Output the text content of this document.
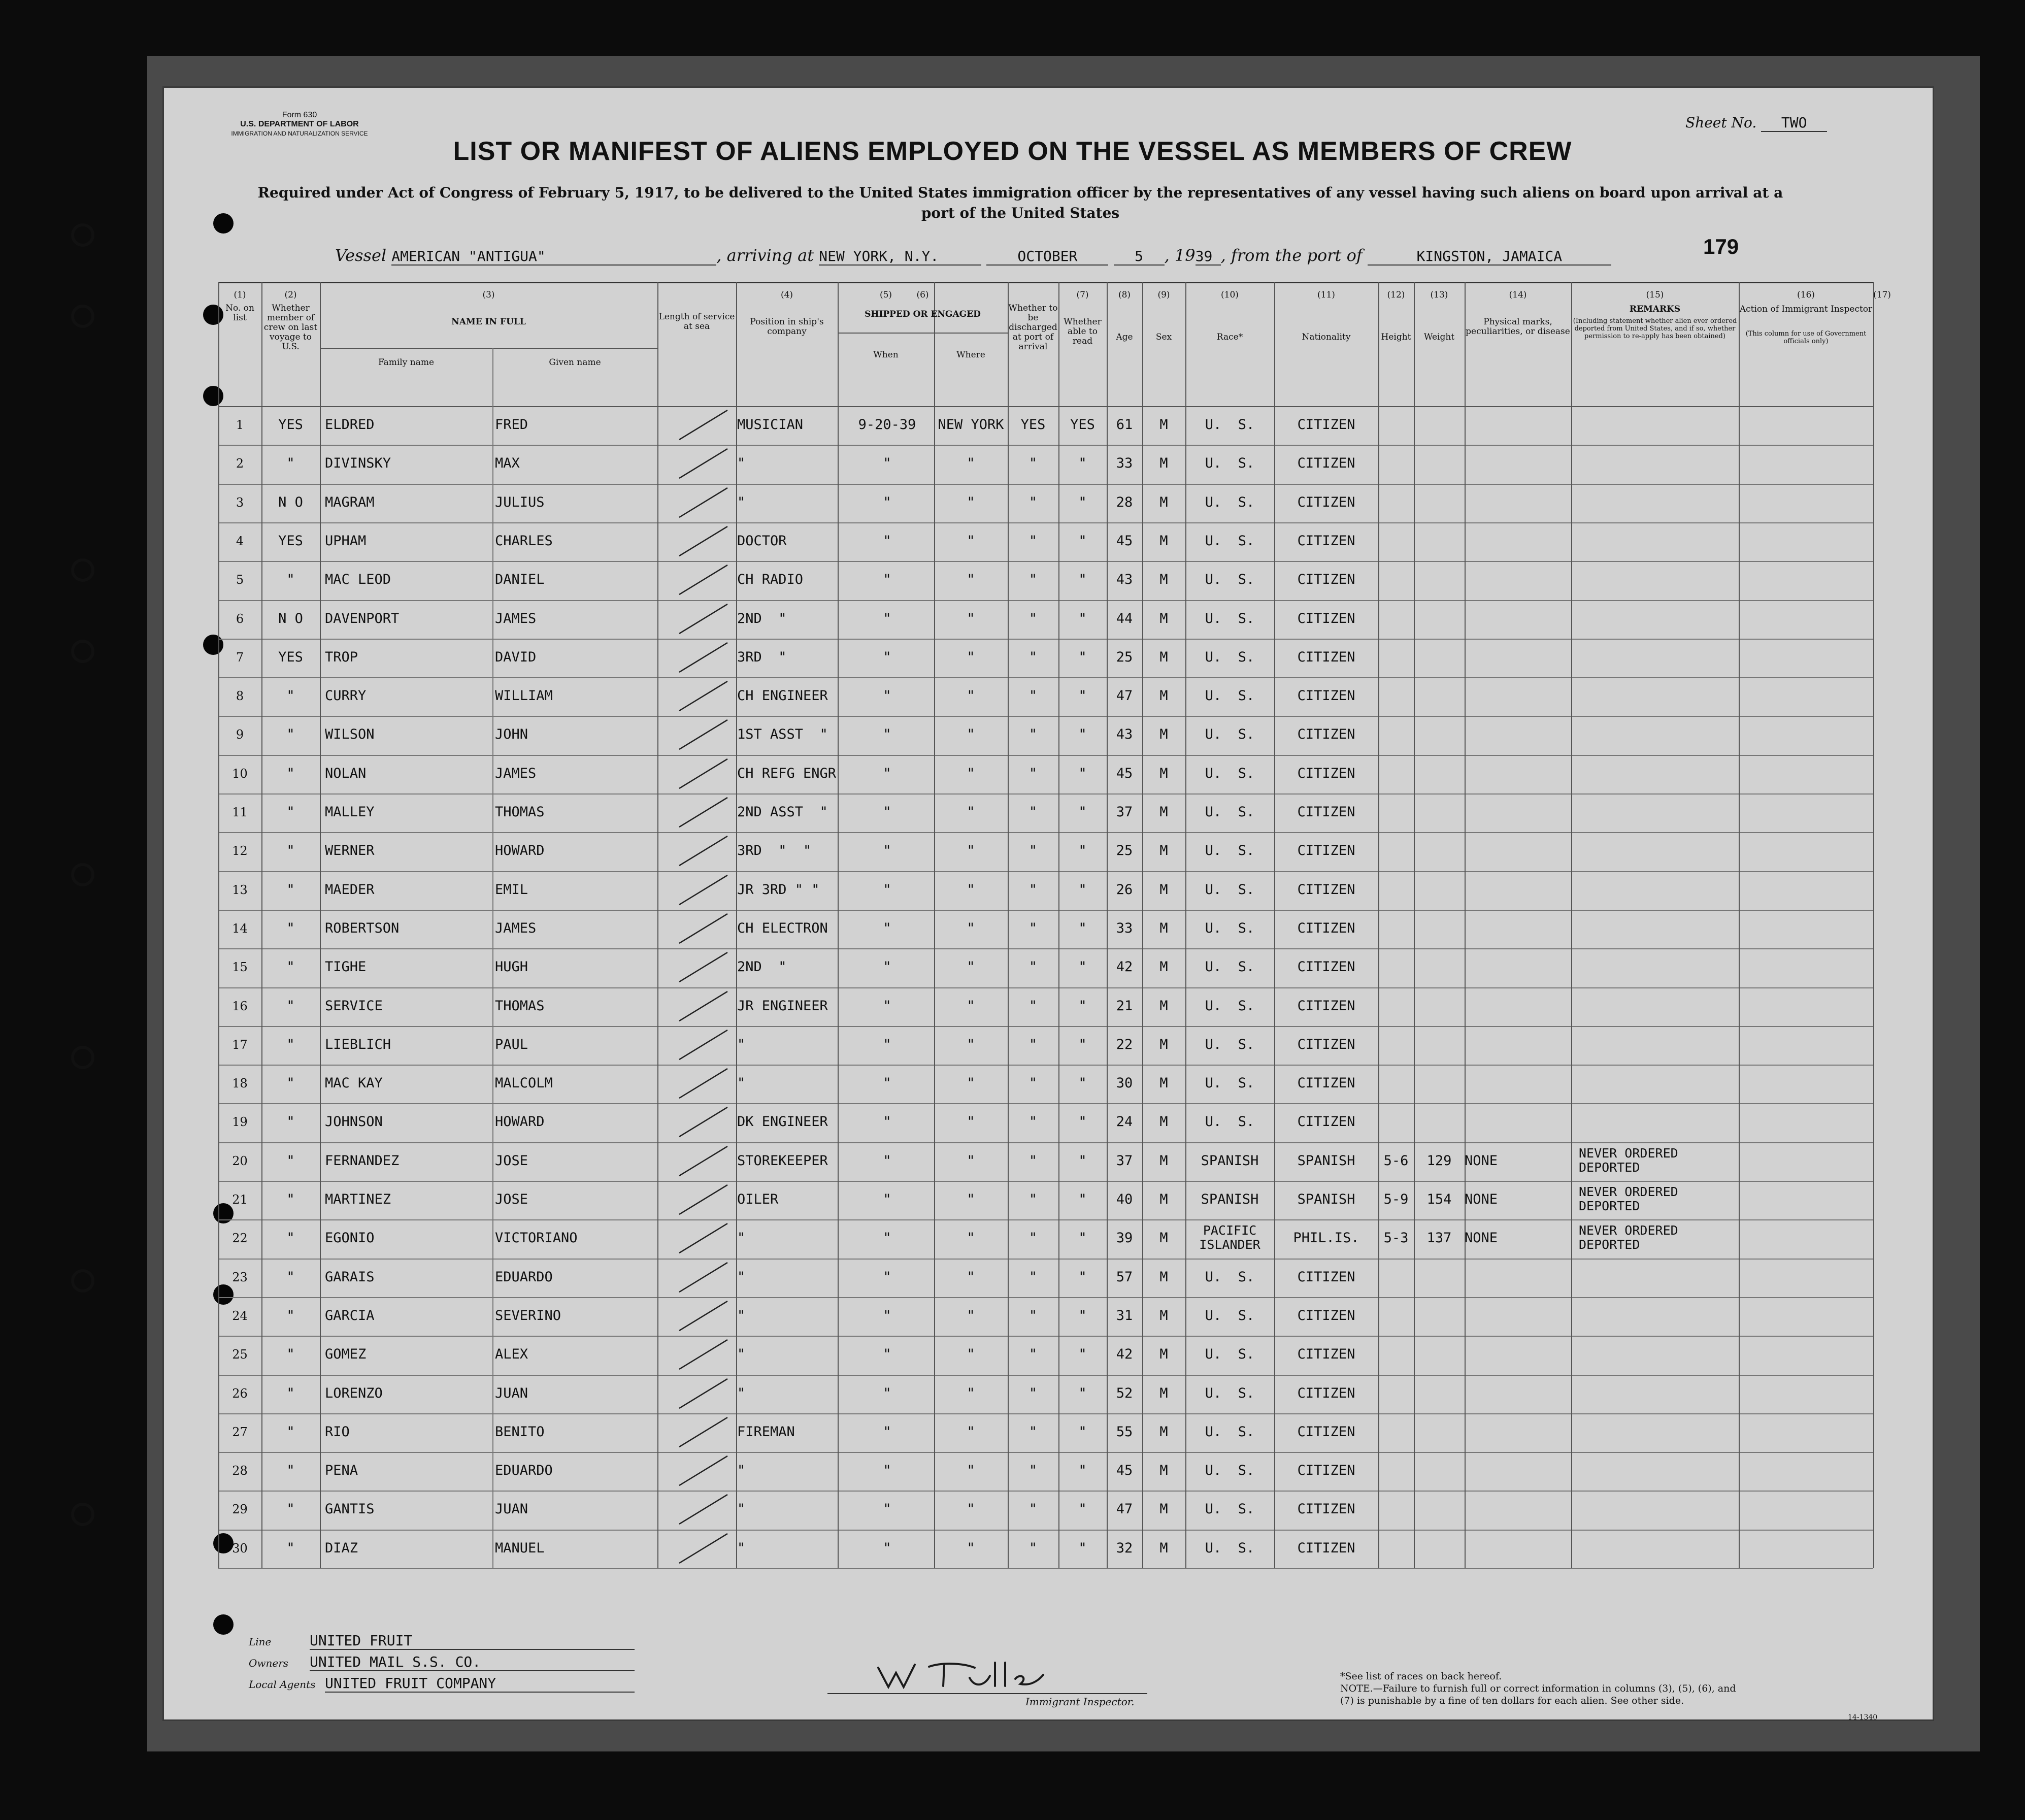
Form 630
U.S. DEPARTMENT OF LABOR
IMMIGRATION AND NATURALIZATION SERVICE
Sheet No. TWO
LIST OR MANIFEST OF ALIENS EMPLOYED ON THE VESSEL AS MEMBERS OF CREW
Required under Act of Congress of February 5, 1917, to be delivered to the United States immigration officer by the representatives of any vessel having such aliens on board upon arrival at a port of the United States
Vessel AMERICAN "ANTIGUA"	, arriving at NEW YORK, N.Y.	OCTOBER	5 , 1939 , from the port of	KINGSTON, JAMAICA	179
Line	UNITED FRUIT
Owners UNITED MAIL S.S. CO.
Local Agents UNITED FRUIT COMPANY
Immigrant Inspector.
*See list of races on back hereof.
NOTE.—Failure to furnish full or correct information in columns (3), (5), (6), and (7) is punishable by a fine of ten dollars for each alien. See other side.
14-1340
(1)	(2)	(3)	(4)	(5)	(6)	(7)	(8)	(9)	(10)	(11)	(12)	(13)	(14)	(15)	(16)	(17)
No. on list
Whether member of crew on last voyage to U.S.
NAME IN FULL
Family name	Given name
Length of service at sea	Position in ship's company
SHIPPED OR ENGAGED
When	Where
Whether to be discharged at port of arrival
Whether able to read	Age	Sex	Race*	Nationality	Height	Weight
Physical marks, peculiarities, or disease
REMARKS
(Including statement whether alien ever ordered deported from United States, and if so, whether permission to re-apply has been obtained)
Action of Immigrant Inspector
(This column for use of Government officials only)
1	YES	ELDRED	FRED	MUSICIAN	9-20-39	NEW YORK	YES	YES	61	M	U.  S.	CITIZEN
2	"	DIVINSKY	MAX	"	"	"	"	"	33	M	U.  S.	CITIZEN
3	N O	MAGRAM	JULIUS	"	"	"	"	"	28	M	U.  S.	CITIZEN
4	YES	UPHAM	CHARLES	DOCTOR	"	"	"	"	45	M	U.  S.	CITIZEN
5	"	MAC LEOD	DANIEL	CH RADIO	"	"	"	"	43	M	U.  S.	CITIZEN
6	N O	DAVENPORT	JAMES	2ND  "	"	"	"	"	44	M	U.  S.	CITIZEN
7	YES	TROP	DAVID	3RD  "	"	"	"	"	25	M	U.  S.	CITIZEN
8	"	CURRY	WILLIAM	CH ENGINEER	"	"	"	"	47	M	U.  S.	CITIZEN
9	"	WILSON	JOHN	1ST ASST  "	"	"	"	"	43	M	U.  S.	CITIZEN
10	"	NOLAN	JAMES	CH REFG ENGR	"	"	"	"	45	M	U.  S.	CITIZEN
11	"	MALLEY	THOMAS	2ND ASST  "	"	"	"	"	37	M	U.  S.	CITIZEN
12	"	WERNER	HOWARD	3RD  "  "	"	"	"	"	25	M	U.  S.	CITIZEN
13	"	MAEDER	EMIL	JR 3RD " "	"	"	"	"	26	M	U.  S.	CITIZEN
14	"	ROBERTSON	JAMES	CH ELECTRON	"	"	"	"	33	M	U.  S.	CITIZEN
15	"	TIGHE	HUGH	2ND  "	"	"	"	"	42	M	U.  S.	CITIZEN
16	"	SERVICE	THOMAS	JR ENGINEER	"	"	"	"	21	M	U.  S.	CITIZEN
17	"	LIEBLICH	PAUL	"	"	"	"	"	22	M	U.  S.	CITIZEN
18	"	MAC KAY	MALCOLM	"	"	"	"	"	30	M	U.  S.	CITIZEN
19	"	JOHNSON	HOWARD	DK ENGINEER	"	"	"	"	24	M	U.  S.	CITIZEN
20	"	FERNANDEZ	JOSE	STOREKEEPER	"	"	"	"	37	M	SPANISH	SPANISH	5-6	129 NONE	NEVER ORDERED
DEPORTED
21	"	MARTINEZ	JOSE	OILER	"	"	"	"	40	M	SPANISH	SPANISH	5-9	154 NONE	NEVER ORDERED
DEPORTED
22	"	EGONIO	VICTORIANO	"	"	"	"	"	39	M	PACIFIC
ISLANDER	PHIL.IS.	5-3	137 NONE	NEVER ORDERED
DEPORTED
23	"	GARAIS	EDUARDO	"	"	"	"	"	57	M	U.  S.	CITIZEN
24	"	GARCIA	SEVERINO	"	"	"	"	"	31	M	U.  S.	CITIZEN
25	"	GOMEZ	ALEX	"	"	"	"	"	42	M	U.  S.	CITIZEN
26	"	LORENZO	JUAN	"	"	"	"	"	52	M	U.  S.	CITIZEN
27	"	RIO	BENITO	FIREMAN	"	"	"	"	55	M	U.  S.	CITIZEN
28	"	PENA	EDUARDO	"	"	"	"	"	45	M	U.  S.	CITIZEN
29	"	GANTIS	JUAN	"	"	"	"	"	47	M	U.  S.	CITIZEN
30	"	DIAZ	MANUEL	"	"	"	"	"	32	M	U.  S.	CITIZEN
